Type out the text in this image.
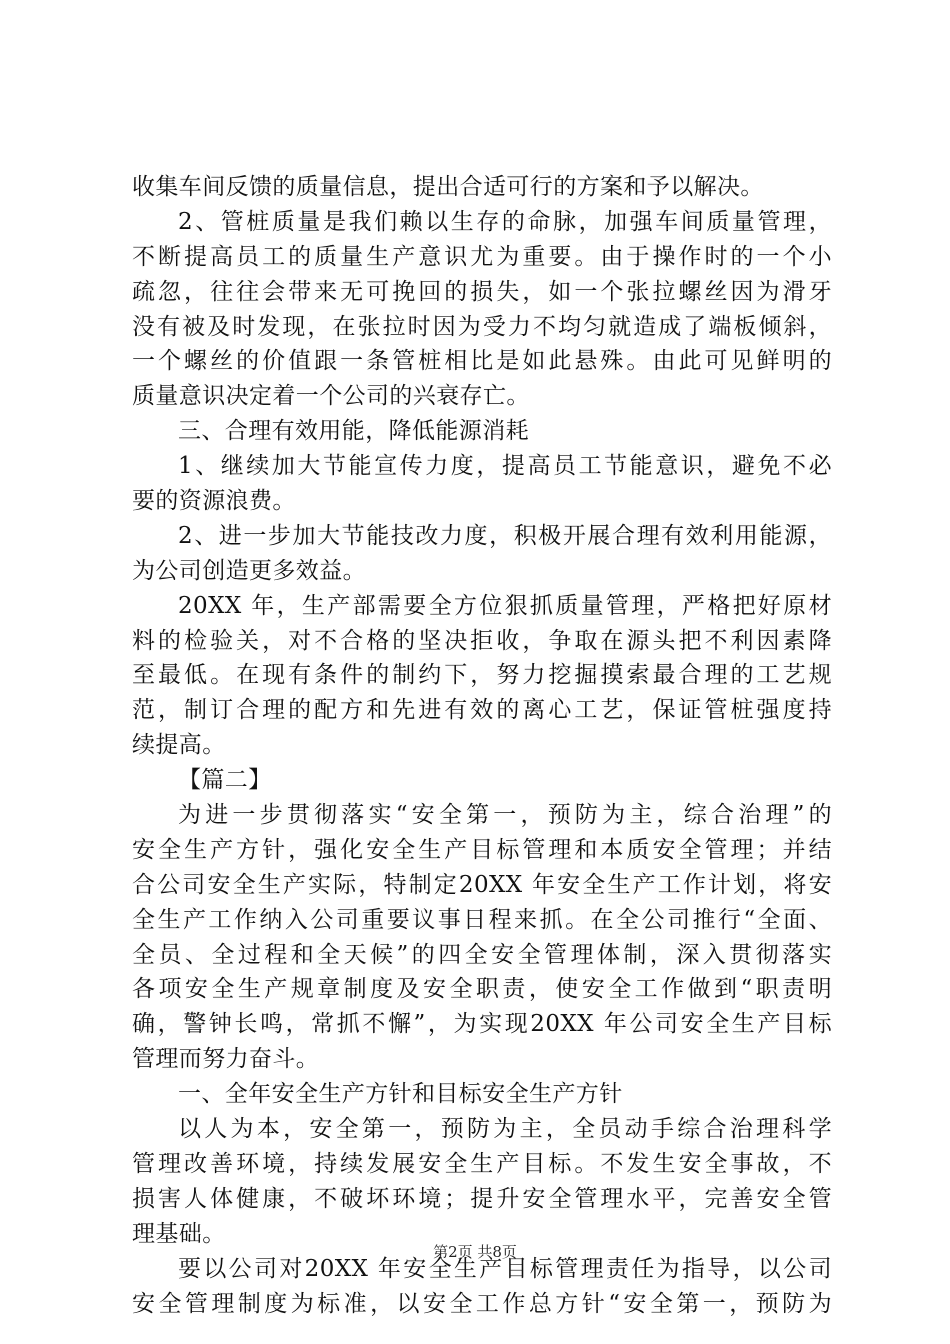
收集车间反馈的质量信息，提出合适可行的方案和予以解决。
2、管桩质量是我们赖以生存的命脉，加强车间质量管理，
不断提高员工的质量生产意识尤为重要。由于操作时的一个小
疏忽，往往会带来无可挽回的损失，如一个张拉螺丝因为滑牙
没有被及时发现，在张拉时因为受力不均匀就造成了端板倾斜，
一个螺丝的价值跟一条管桩相比是如此悬殊。由此可见鲜明的
质量意识决定着一个公司的兴衰存亡。
三、合理有效用能，降低能源消耗
1、继续加大节能宣传力度，提高员工节能意识，避免不必
要的资源浪费。
2、进一步加大节能技改力度，积极开展合理有效利用能源，
为公司创造更多效益。
20XX 年，生产部需要全方位狠抓质量管理，严格把好原材
料的检验关，对不合格的坚决拒收，争取在源头把不利因素降
至最低。在现有条件的制约下，努力挖掘摸索最合理的工艺规
范，制订合理的配方和先进有效的离心工艺，保证管桩强度持
续提高。
【篇二】
为进一步贯彻落实“安全第一，预防为主，综合治理”的
安全生产方针，强化安全生产目标管理和本质安全管理；并结
合公司安全生产实际，特制定20XX 年安全生产工作计划，将安
全生产工作纳入公司重要议事日程来抓。在全公司推行“全面、
全员、全过程和全天候”的四全安全管理体制，深入贯彻落实
各项安全生产规章制度及安全职责，使安全工作做到“职责明
确，警钟长鸣，常抓不懈”，为实现20XX 年公司安全生产目标
管理而努力奋斗。
一、全年安全生产方针和目标安全生产方针
以人为本，安全第一，预防为主，全员动手综合治理科学
管理改善环境，持续发展安全生产目标。不发生安全事故，不
损害人体健康，不破坏环境；提升安全管理水平，完善安全管
理基础。
要以公司对20XX 年安全生产目标管理责任为指导，以公司
安全管理制度为标准，以安全工作总方针“安全第一，预防为
第2页 共8页
